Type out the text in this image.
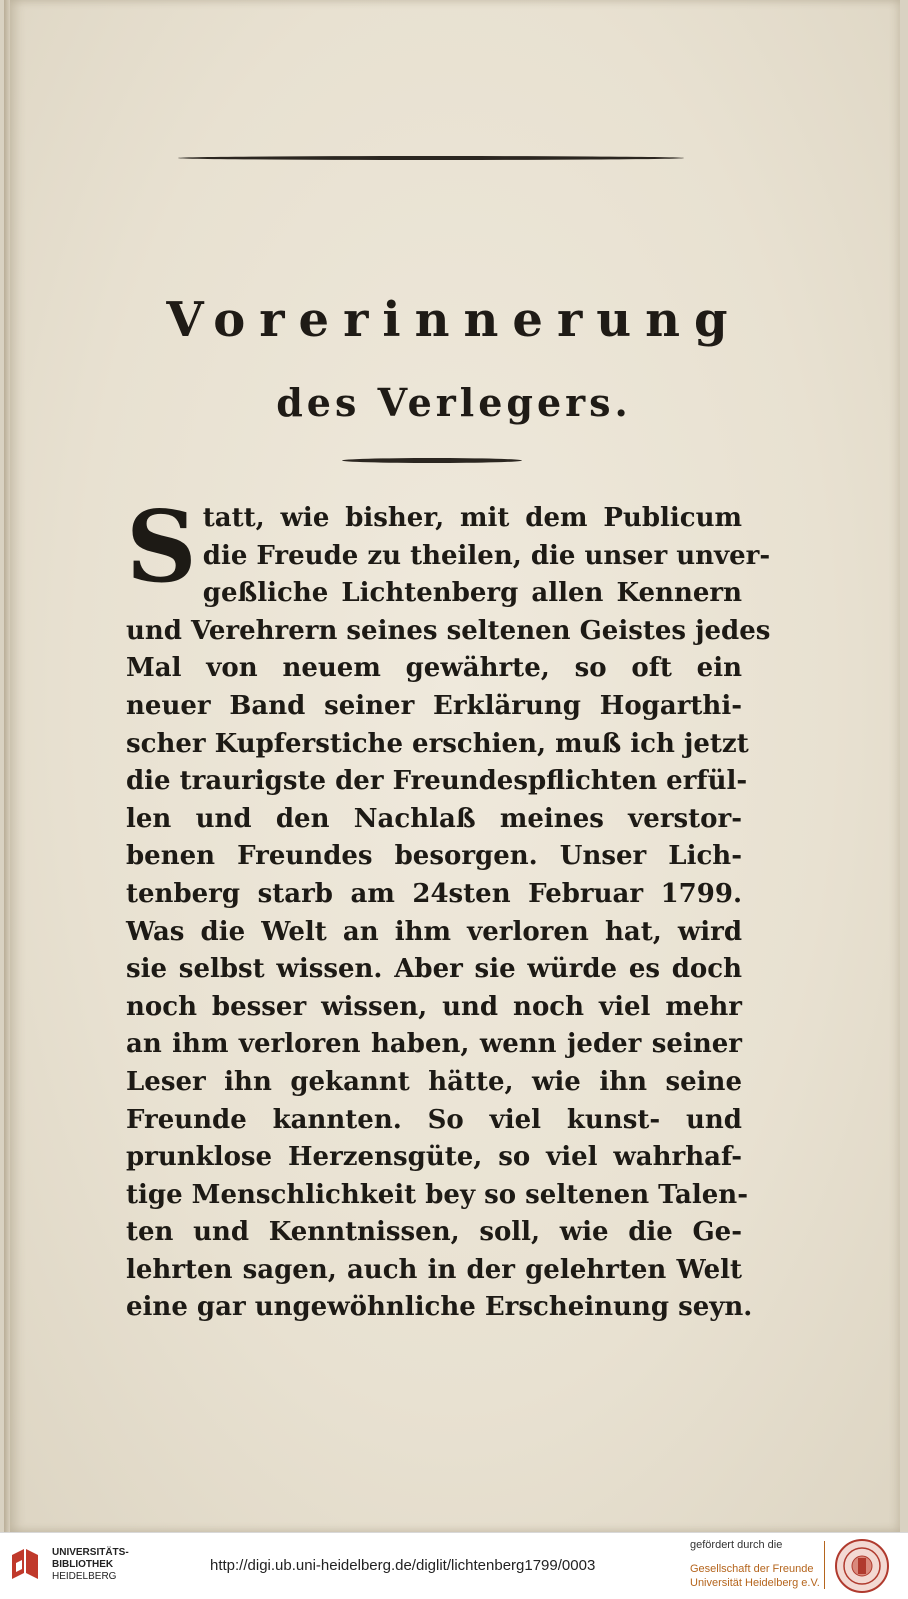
Vorerinnerung
des Verlegers.
S tatt, wie bisher, mit dem Publicum
die Freude zu theilen, die unser unver-
geßliche Lichtenberg allen Kennern
und Verehrern seines seltenen Geistes jedes
Mal von neuem gewährte, so oft ein
neuer Band seiner Erklärung Hogarthi-
scher Kupferstiche erschien, muß ich jetzt
die traurigste der Freundespflichten erfül-
len und den Nachlaß meines verstor-
benen Freundes besorgen. Unser Lich-
tenberg starb am 24sten Februar 1799.
Was die Welt an ihm verloren hat, wird
sie selbst wissen. Aber sie würde es doch
noch besser wissen, und noch viel mehr
an ihm verloren haben, wenn jeder seiner
Leser ihn gekannt hätte, wie ihn seine
Freunde kannten. So viel kunst- und
prunklose Herzensgüte, so viel wahrhaf-
tige Menschlichkeit bey so seltenen Talen-
ten und Kenntnissen, soll, wie die Ge-
lehrten sagen, auch in der gelehrten Welt
eine gar ungewöhnliche Erscheinung seyn.
UNIVERSITÄTS-
BIBLIOTHEK
HEIDELBERG
http://digi.ub.uni-heidelberg.de/diglit/lichtenberg1799/0003
gefördert durch die
Gesellschaft der Freunde
Universität Heidelberg e.V.
